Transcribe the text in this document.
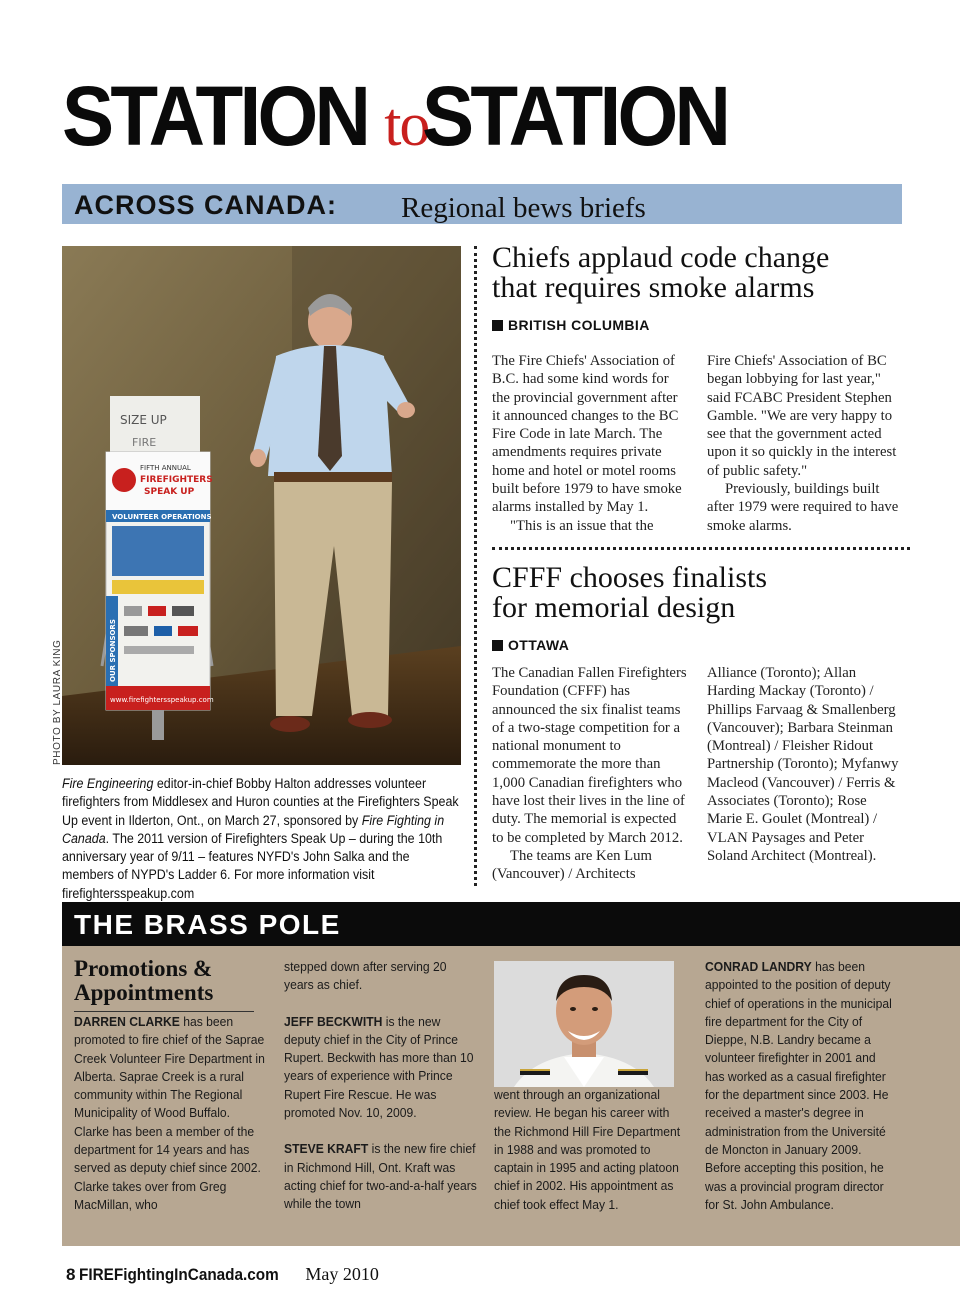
STATION toSTATION
ACROSS CANADA: Regional bews briefs
SIZE UP
FIRE
FIFTH ANNUAL
FIREFIGHTERS
SPEAK UP
VOLUNTEER OPERATIONS
OUR SPONSORS
www.firefightersspeakup.com
PHOTO BY LAURA KING
Fire Engineering editor-in-chief Bobby Halton addresses volunteer firefighters from Middlesex and Huron counties at the Firefighters Speak Up event in Ilderton, Ont., on March 27, sponsored by Fire Fighting in Canada. The 2011 version of Firefighters Speak Up – during the 10th anniversary year of 9/11 – features NYFD's John Salka and the members of NYPD's Ladder 6. For more information visit firefightersspeakup.com
Chiefs applaud code change
that requires smoke alarms
BRITISH COLUMBIA

The Fire Chiefs' Association of B.C. had some kind words for the provincial government after it announced changes to the BC Fire Code in late March. The amendments requires private home and hotel or motel rooms built before 1979 to have smoke alarms installed by May 1.

"This is an issue that the

Fire Chiefs' Association of BC began lobbying for last year," said FCABC President Stephen Gamble. "We are very happy to see that the government acted upon it so quickly in the interest of public safety."

Previously, buildings built after 1979 were required to have smoke alarms.

CFFF chooses finalists
for memorial design
OTTAWA

The Canadian Fallen Firefighters Foundation (CFFF) has announced the six finalist teams of a two-stage competition for a national monument to commemorate the more than 1,000 Canadian firefighters who have lost their lives in the line of duty. The memorial is expected to be completed by March 2012.

The teams are Ken Lum (Vancouver) / Architects

Alliance (Toronto); Allan Harding Mackay (Toronto) / Phillips Farvaag & Smallenberg (Vancouver); Barbara Steinman (Montreal) / Fleisher Ridout Partnership (Toronto); Myfanwy Macleod (Vancouver) / Ferris & Associates (Toronto); Rose Marie E. Goulet (Montreal) / VLAN Paysages and Peter Soland Architect (Montreal).

THE BRASS POLE
Promotions &
Appointments

DARREN CLARKE has been promoted to fire chief of the Saprae Creek Volunteer Fire Department in Alberta. Saprae Creek is a rural community within The Regional Municipality of Wood Buffalo. Clarke has been a member of the department for 14 years and has served as deputy chief since 2002. Clarke takes over from Greg MacMillan, who

stepped down after serving 20 years as chief.

JEFF BECKWITH is the new deputy chief in the City of Prince Rupert. Beckwith has more than 10 years of experience with Prince Rupert Fire Rescue. He was promoted Nov. 10, 2009.

STEVE KRAFT is the new fire chief in Richmond Hill, Ont. Kraft was acting chief for two-and-a-half years while the town

went through an organizational review. He began his career with the Richmond Hill Fire Department in 1988 and was promoted to captain in 1995 and acting platoon chief in 2002. His appointment as chief took effect May 1.

CONRAD LANDRY has been appointed to the position of deputy chief of operations in the municipal fire department for the City of Dieppe, N.B. Landry became a volunteer firefighter in 2001 and has worked as a casual firefighter for the department since 2003. He received a master's degree in administration from the Université de Moncton in January 2009. Before accepting this position, he was a provincial program director for St. John Ambulance.

8 FIREFightingInCanada.com May 2010
